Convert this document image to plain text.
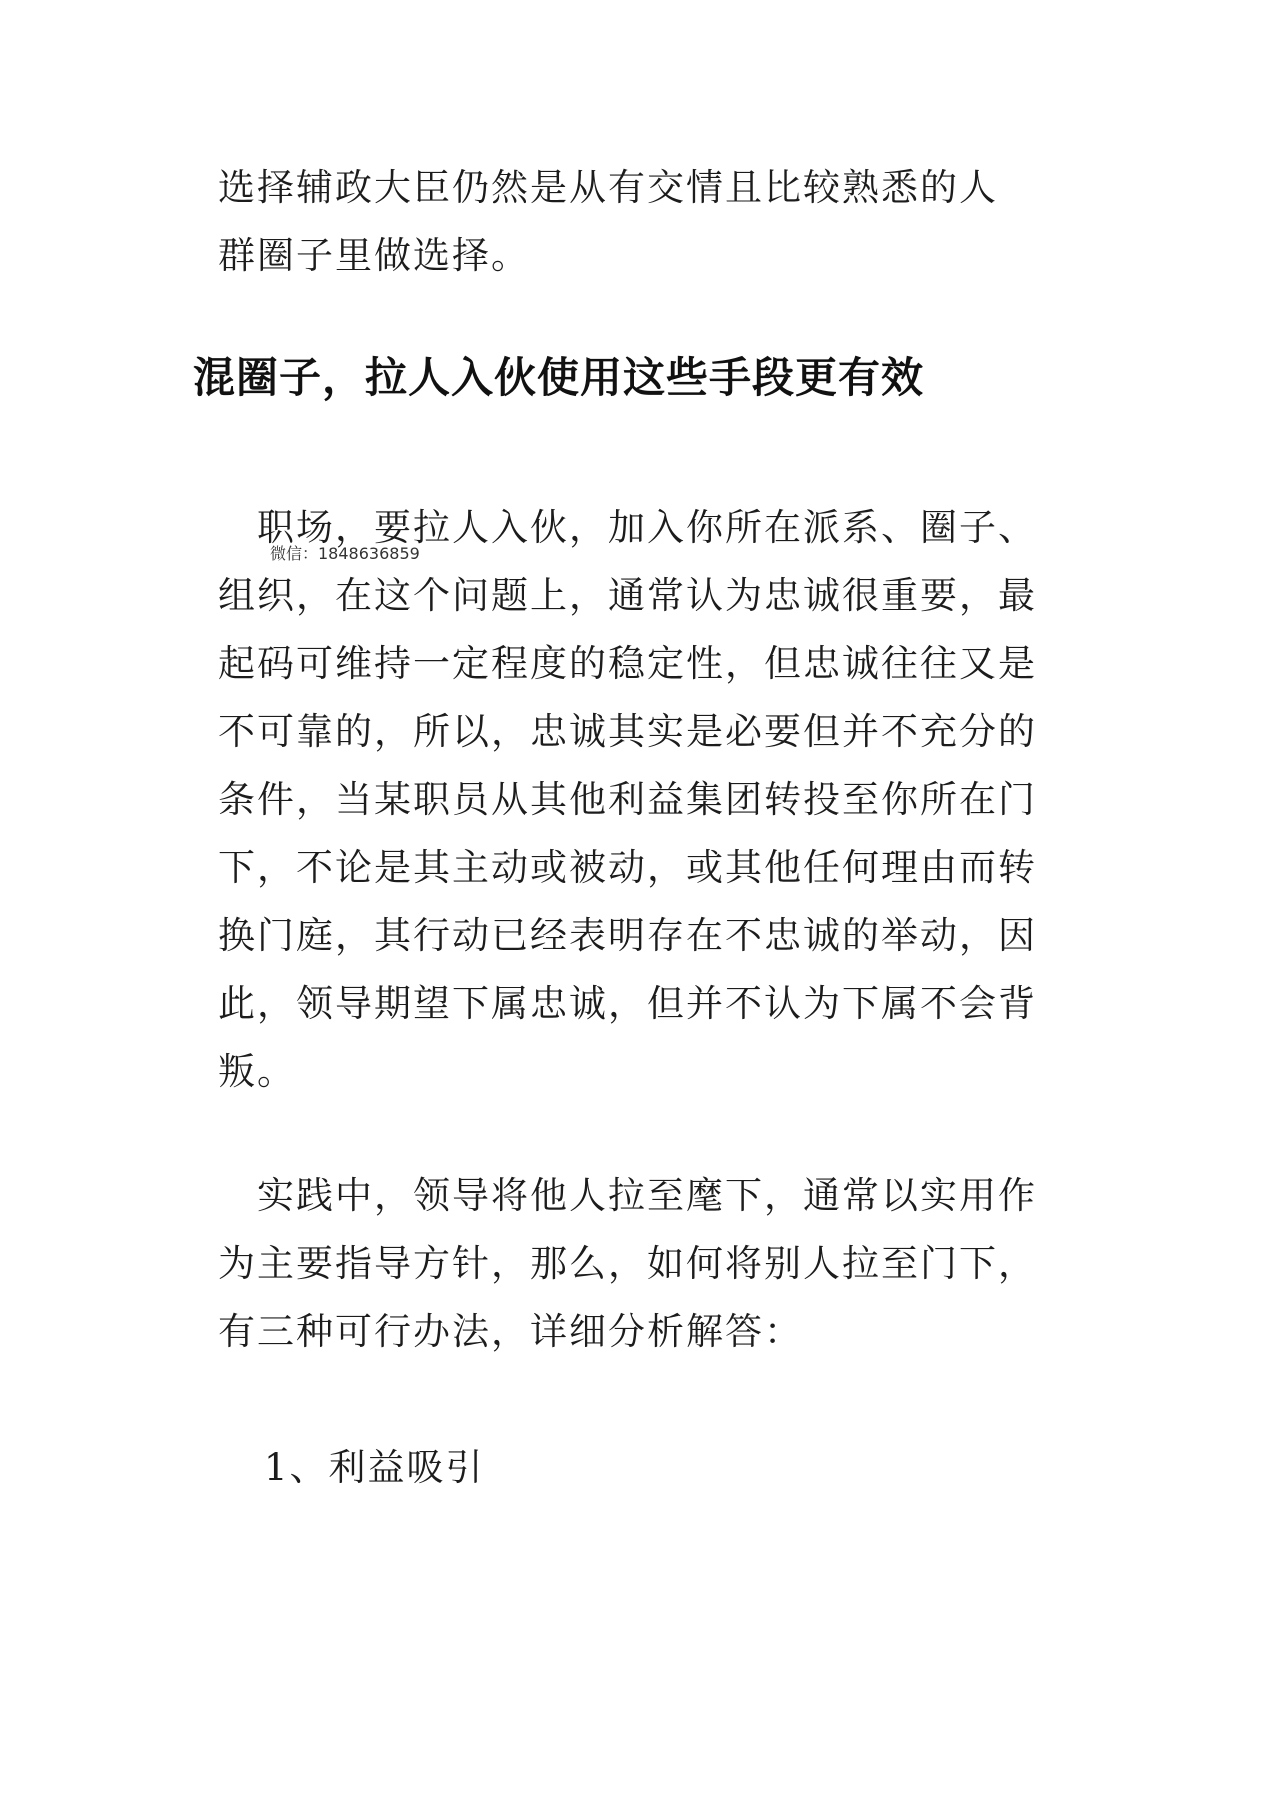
选择辅政大臣仍然是从有交情且比较熟悉的人
群圈子里做选择。
混圈子，拉人入伙使用这些手段更有效
　职场，要拉人入伙，加入你所在派系、圈子、
组织，在这个问题上，通常认为忠诚很重要，最
起码可维持一定程度的稳定性，但忠诚往往又是
不可靠的，所以，忠诚其实是必要但并不充分的
条件，当某职员从其他利益集团转投至你所在门
下，不论是其主动或被动，或其他任何理由而转
换门庭，其行动已经表明存在不忠诚的举动，因
此，领导期望下属忠诚，但并不认为下属不会背
叛。
微信：1848636859
　实践中，领导将他人拉至麾下，通常以实用作
为主要指导方针，那么，如何将别人拉至门下，
有三种可行办法，详细分析解答：

1、利益吸引
